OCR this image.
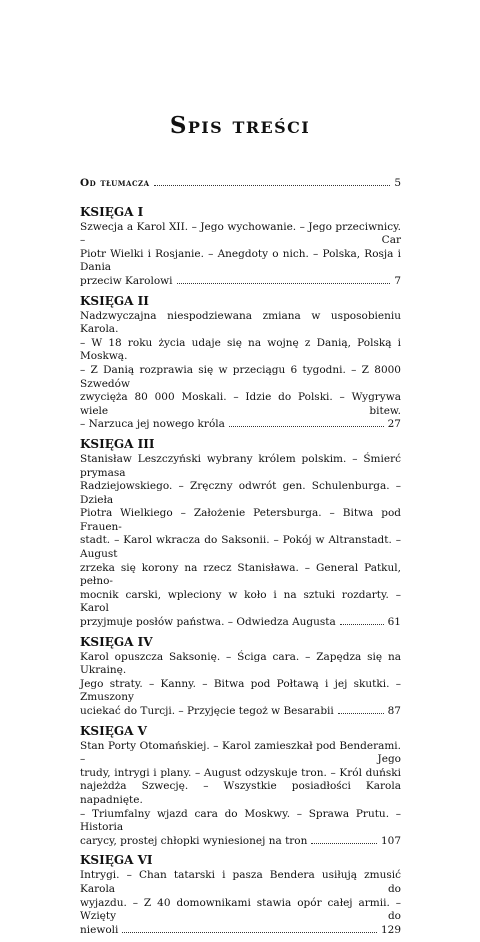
Spis treści
Od tłumacza	5
KSIĘGA I
Szwecja a Karol XII. – Jego wychowanie. – Jego przeciwnicy. – Car
Piotr Wielki i Rosjanie. – Anegdoty o nich. – Polska, Rosja i Dania
przeciw Karolowi	7
KSIĘGA II
Nadzwyczajna niespodziewana zmiana w usposobieniu Karola.
– W 18 roku życia udaje się na wojnę z Danią, Polską i Moskwą.
– Z Danią rozprawia się w przeciągu 6 tygodni. – Z 8000 Szwedów
zwycięża 80 000 Moskali. – Idzie do Polski. – Wygrywa wiele bitew.
– Narzuca jej nowego króla	27
KSIĘGA III
Stanisław Leszczyński wybrany królem polskim. – Śmierć prymasa
Radziejowskiego. – Zręczny odwrót gen. Schulenburga. – Dzieła
Piotra Wielkiego – Założenie Petersburga. – Bitwa pod Frauen-
stadt. – Karol wkracza do Saksonii. – Pokój w Altranstadt. – August
zrzeka się korony na rzecz Stanisława. – General Patkul, pełno-
mocnik carski, wpleciony w koło i na sztuki rozdarty. – Karol
przyjmuje posłów państwa. – Odwiedza Augusta	61
KSIĘGA IV
Karol opuszcza Saksonię. – Ściga cara. – Zapędza się na Ukrainę.
Jego straty. – Kanny. – Bitwa pod Połtawą i jej skutki. – Zmuszony
uciekać do Turcji. – Przyjęcie tegoż w Besarabii	87
KSIĘGA V
Stan Porty Otomańskiej. – Karol zamieszkał pod Benderami. – Jego
trudy, intrygi i plany. – August odzyskuje tron. – Król duński
najeżdża Szwecję. – Wszystkie posiadłości Karola napadnięte.
– Triumfalny wjazd cara do Moskwy. – Sprawa Prutu. – Historia
carycy, prostej chłopki wyniesionej na tron	107
KSIĘGA VI
Intrygi. – Chan tatarski i pasza Bendera usiłują zmusić Karola do
wyjazdu. – Z 40 domownikami stawia opór całej armii. – Wzięty do
niewoli	129
